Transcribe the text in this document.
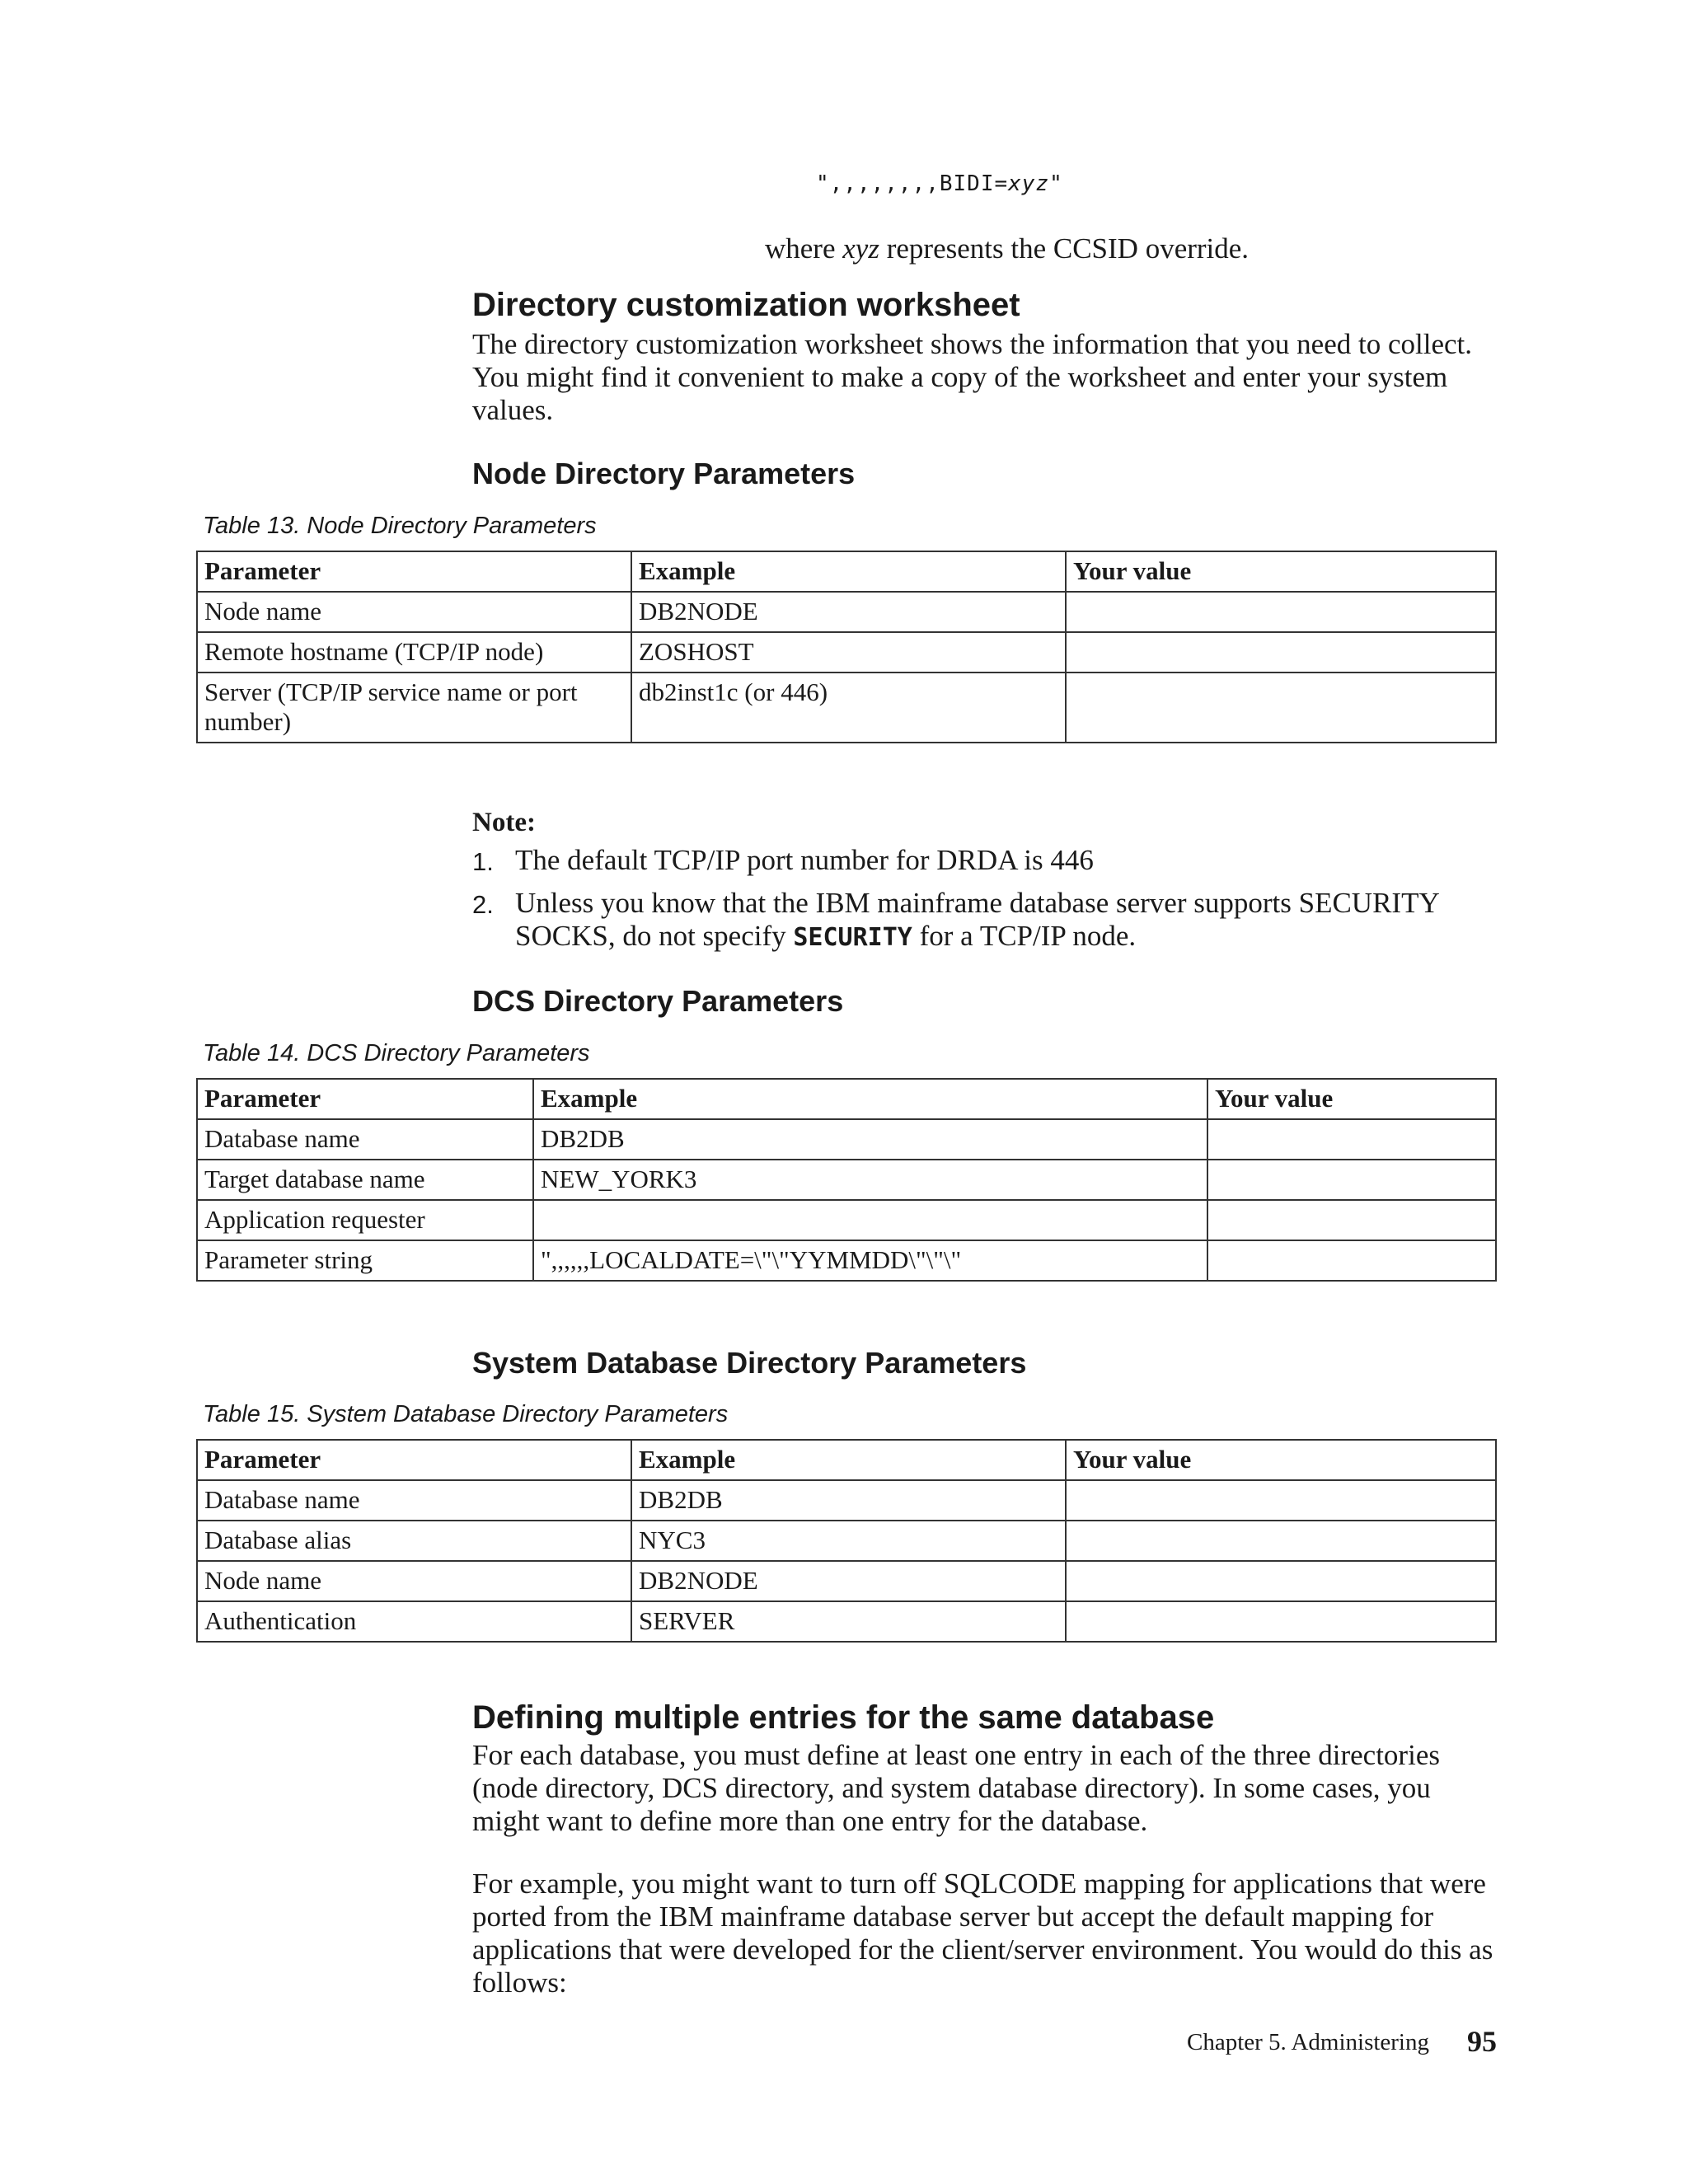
",,,,,,,,BIDI=xyz"
where xyz represents the CCSID override.
Directory customization worksheet
The directory customization worksheet shows the information that you need to collect. You might find it convenient to make a copy of the worksheet and enter your system values.
Node Directory Parameters
Table 13. Node Directory Parameters
Parameter	Example	Your value
Node name	DB2NODE	
Remote hostname (TCP/IP node)	ZOSHOST	
Server (TCP/IP service name or port number)	db2inst1c (or 446)	
Note:
1. The default TCP/IP port number for DRDA is 446
2. Unless you know that the IBM mainframe database server supports SECURITY SOCKS, do not specify SECURITY for a TCP/IP node.
DCS Directory Parameters
Table 14. DCS Directory Parameters
Parameter	Example	Your value
Database name	DB2DB	
Target database name	NEW_YORK3	
Application requester		
Parameter string	",,,,,,LOCALDATE=\"\"YYMMDD\"\"\"	
System Database Directory Parameters
Table 15. System Database Directory Parameters
Parameter	Example	Your value
Database name	DB2DB	
Database alias	NYC3	
Node name	DB2NODE	
Authentication	SERVER	
Defining multiple entries for the same database
For each database, you must define at least one entry in each of the three directories (node directory, DCS directory, and system database directory). In some cases, you might want to define more than one entry for the database.
For example, you might want to turn off SQLCODE mapping for applications that were ported from the IBM mainframe database server but accept the default mapping for applications that were developed for the client/server environment. You would do this as follows:
Chapter 5. Administering 95
